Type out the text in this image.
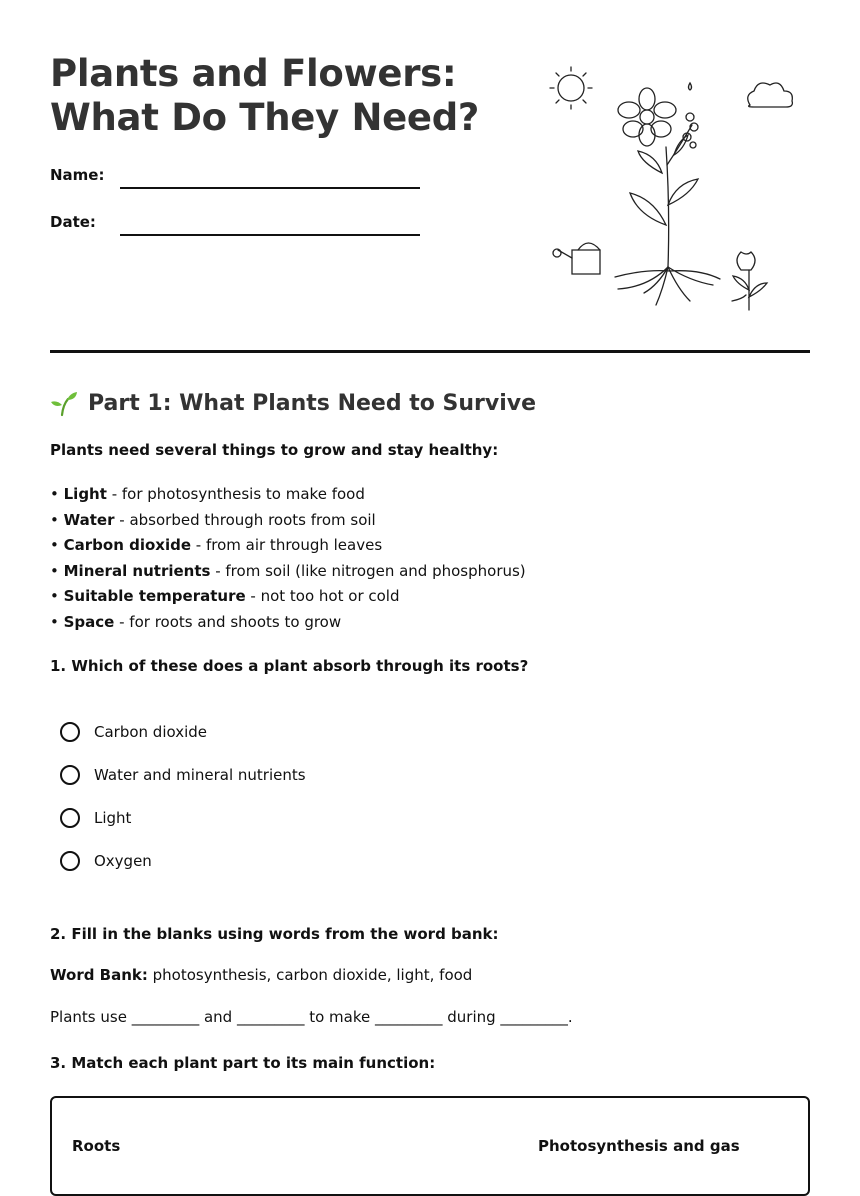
Plants and Flowers:
What Do They Need?
Name:
Date:
Part 1: What Plants Need to Survive
Plants need several things to grow and stay healthy:
• Light - for photosynthesis to make food
• Water - absorbed through roots from soil
• Carbon dioxide - from air through leaves
• Mineral nutrients - from soil (like nitrogen and phosphorus)
• Suitable temperature - not too hot or cold
• Space - for roots and shoots to grow
1. Which of these does a plant absorb through its roots?
Carbon dioxide
Water and mineral nutrients
Light
Oxygen
2. Fill in the blanks using words from the word bank:
Word Bank: photosynthesis, carbon dioxide, light, food
Plants use _________ and _________ to make _________ during _________.
3. Match each plant part to its main function:
Roots	Photosynthesis and gas
